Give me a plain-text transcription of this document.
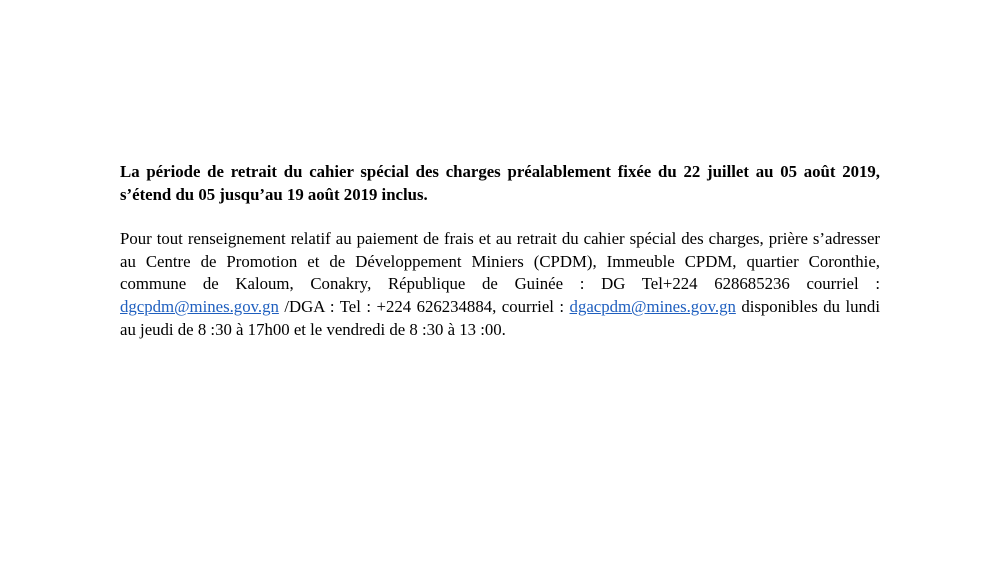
La période de retrait du cahier spécial des charges préalablement fixée du 22 juillet au 05 août 2019, s’étend du 05 jusqu’au 19 août 2019 inclus.

Pour tout renseignement relatif au paiement de frais et au retrait du cahier spécial des charges, prière s’adresser au Centre de Promotion et de Développement Miniers (CPDM), Immeuble CPDM, quartier Coronthie, commune de Kaloum, Conakry, République de Guinée : DG Tel+224 628685236 courriel : dgcpdm@mines.gov.gn /DGA : Tel : +224 626234884, courriel : dgacpdm@mines.gov.gn disponibles du lundi au jeudi de 8 :30 à 17h00 et le vendredi de 8 :30 à 13 :00.
